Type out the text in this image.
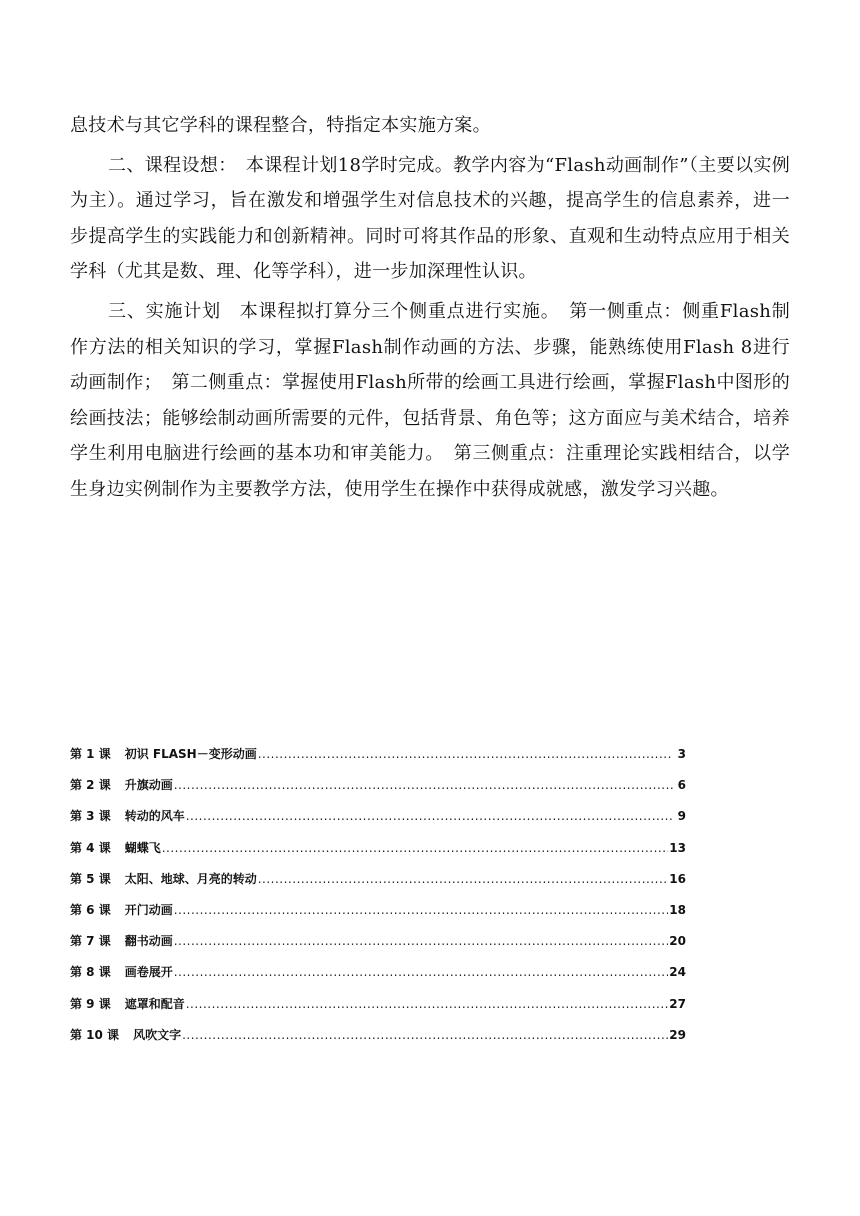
息技术与其它学科的课程整合，特指定本实施方案。

二、课程设想：　本课程计划18学时完成。教学内容为“Flash动画制作”（主要以实例为主）。通过学习，旨在激发和增强学生对信息技术的兴趣，提高学生的信息素养，进一步提高学生的实践能力和创新精神。同时可将其作品的形象、直观和生动特点应用于相关学科（尤其是数、理、化等学科），进一步加深理性认识。

三、实施计划　本课程拟打算分三个侧重点进行实施。　第一侧重点：侧重Flash制作方法的相关知识的学习，掌握Flash制作动画的方法、步骤，能熟练使用Flash 8进行动画制作；　第二侧重点：掌握使用Flash所带的绘画工具进行绘画，掌握Flash中图形的绘画技法；能够绘制动画所需要的元件，包括背景、角色等；这方面应与美术结合，培养学生利用电脑进行绘画的基本功和审美能力。　第三侧重点：注重理论实践相结合，以学生身边实例制作为主要教学方法，使用学生在操作中获得成就感，激发学习兴趣。

第 1 课 初识 FLASH－变形动画 .....	3
第 2 课 升旗动画 .....	6
第 3 课 转动的风车 .....	9
第 4 课 蝴蝶飞 .....	13
第 5 课 太阳、地球、月亮的转动 .....	16
第 6 课 开门动画 .....	18
第 7 课 翻书动画 .....	20
第 8 课 画卷展开 .....	24
第 9 课 遮罩和配音 .....	27
第 10 课 风吹文字 .....	29
